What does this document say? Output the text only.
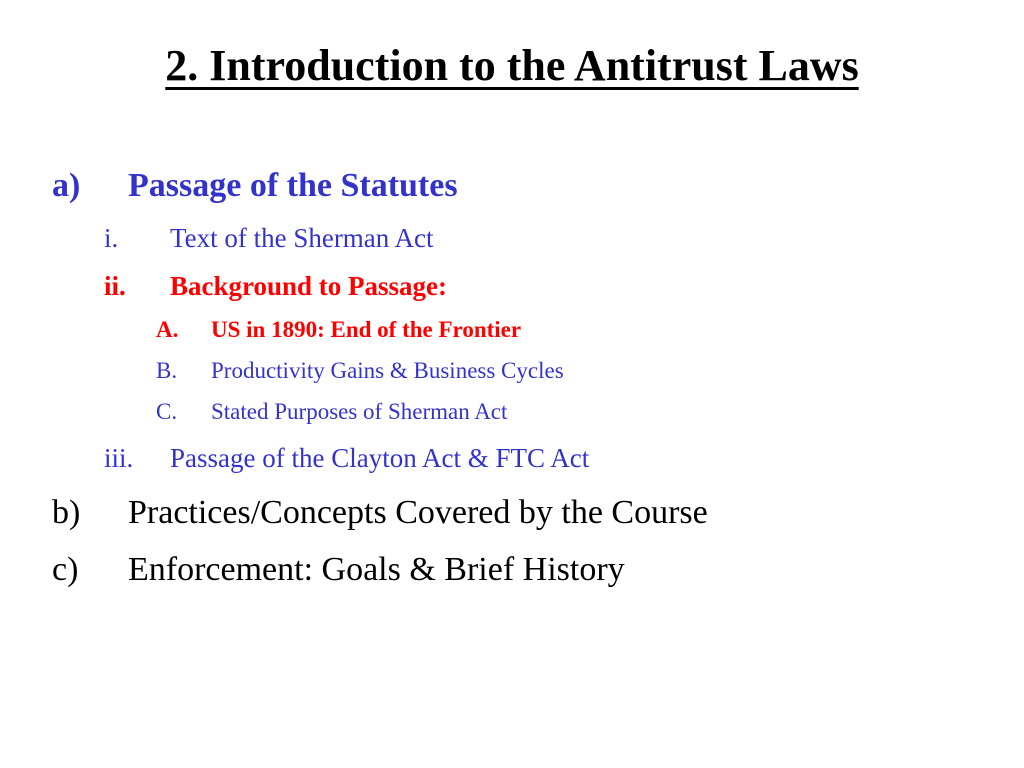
2. Introduction to the Antitrust Laws
a) Passage of the Statutes
i. Text of the Sherman Act
ii. Background to Passage:
A. US in 1890: End of the Frontier
B. Productivity Gains & Business Cycles
C. Stated Purposes of Sherman Act
iii. Passage of the Clayton Act & FTC Act
b) Practices/Concepts Covered by the Course
c) Enforcement: Goals & Brief History
